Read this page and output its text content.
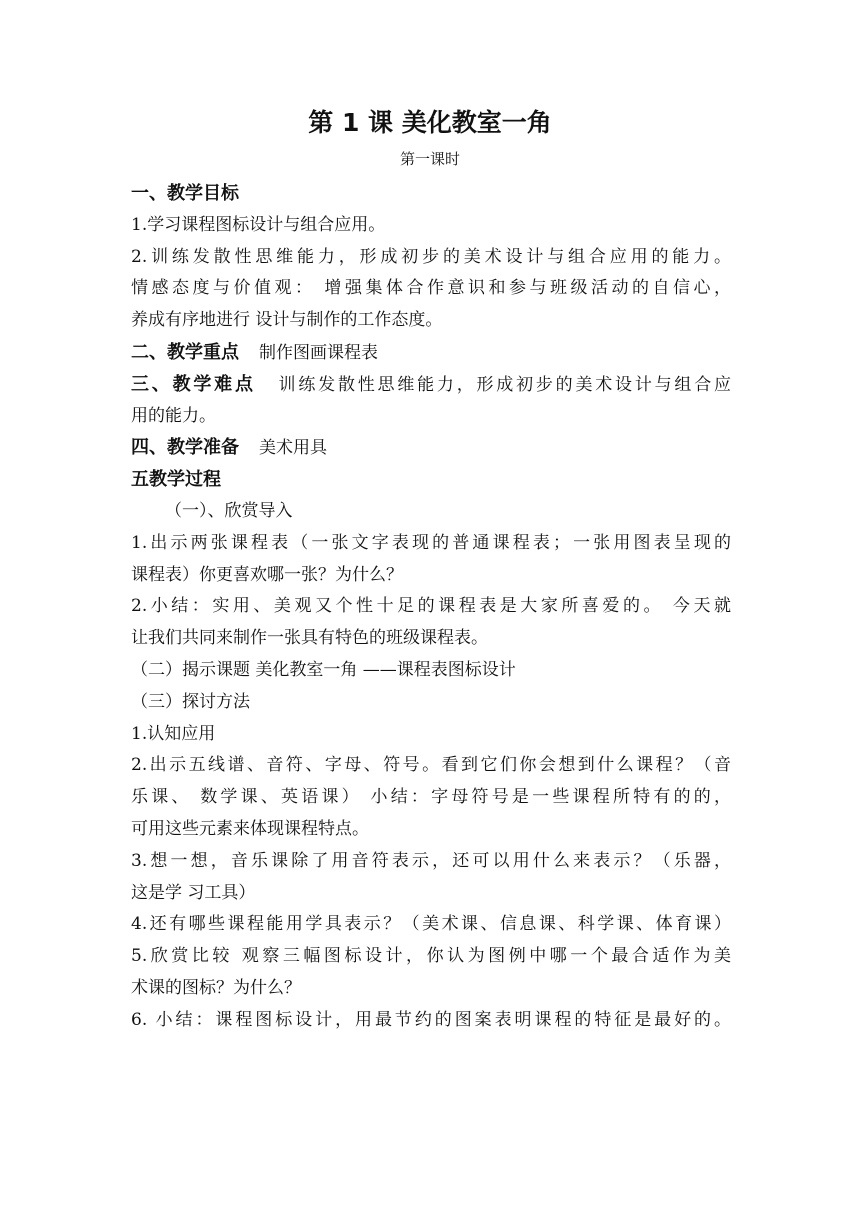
第 1 课 美化教室一角
第一课时
一、教学目标
1.学习课程图标设计与组合应用。
2.训练发散性思维能力，形成初步的美术设计与组合应用的能力。
情感态度与价值观： 增强集体合作意识和参与班级活动的自信心，
养成有序地进行 设计与制作的工作态度。
二、教学重点 制作图画课程表
三、教学难点 训练发散性思维能力，形成初步的美术设计与组合应
用的能力。
四、教学准备 美术用具
五教学过程
（一）、欣赏导入
1.出示两张课程表（一张文字表现的普通课程表；一张用图表呈现的
课程表）你更喜欢哪一张？为什么？
2.小结：实用、美观又个性十足的课程表是大家所喜爱的。 今天就
让我们共同来制作一张具有特色的班级课程表。
（二）揭示课题 美化教室一角 ——课程表图标设计
（三）探讨方法
1.认知应用
2.出示五线谱、音符、字母、符号。看到它们你会想到什么课程？（音
乐课、 数学课、英语课） 小结：字母符号是一些课程所特有的的，
可用这些元素来体现课程特点。
3.想一想，音乐课除了用音符表示，还可以用什么来表示？（乐器，
这是学 习工具）
4.还有哪些课程能用学具表示？（美术课、信息课、科学课、体育课）
5.欣赏比较 观察三幅图标设计，你认为图例中哪一个最合适作为美
术课的图标？为什么？
6. 小结：课程图标设计，用最节约的图案表明课程的特征是最好的。
